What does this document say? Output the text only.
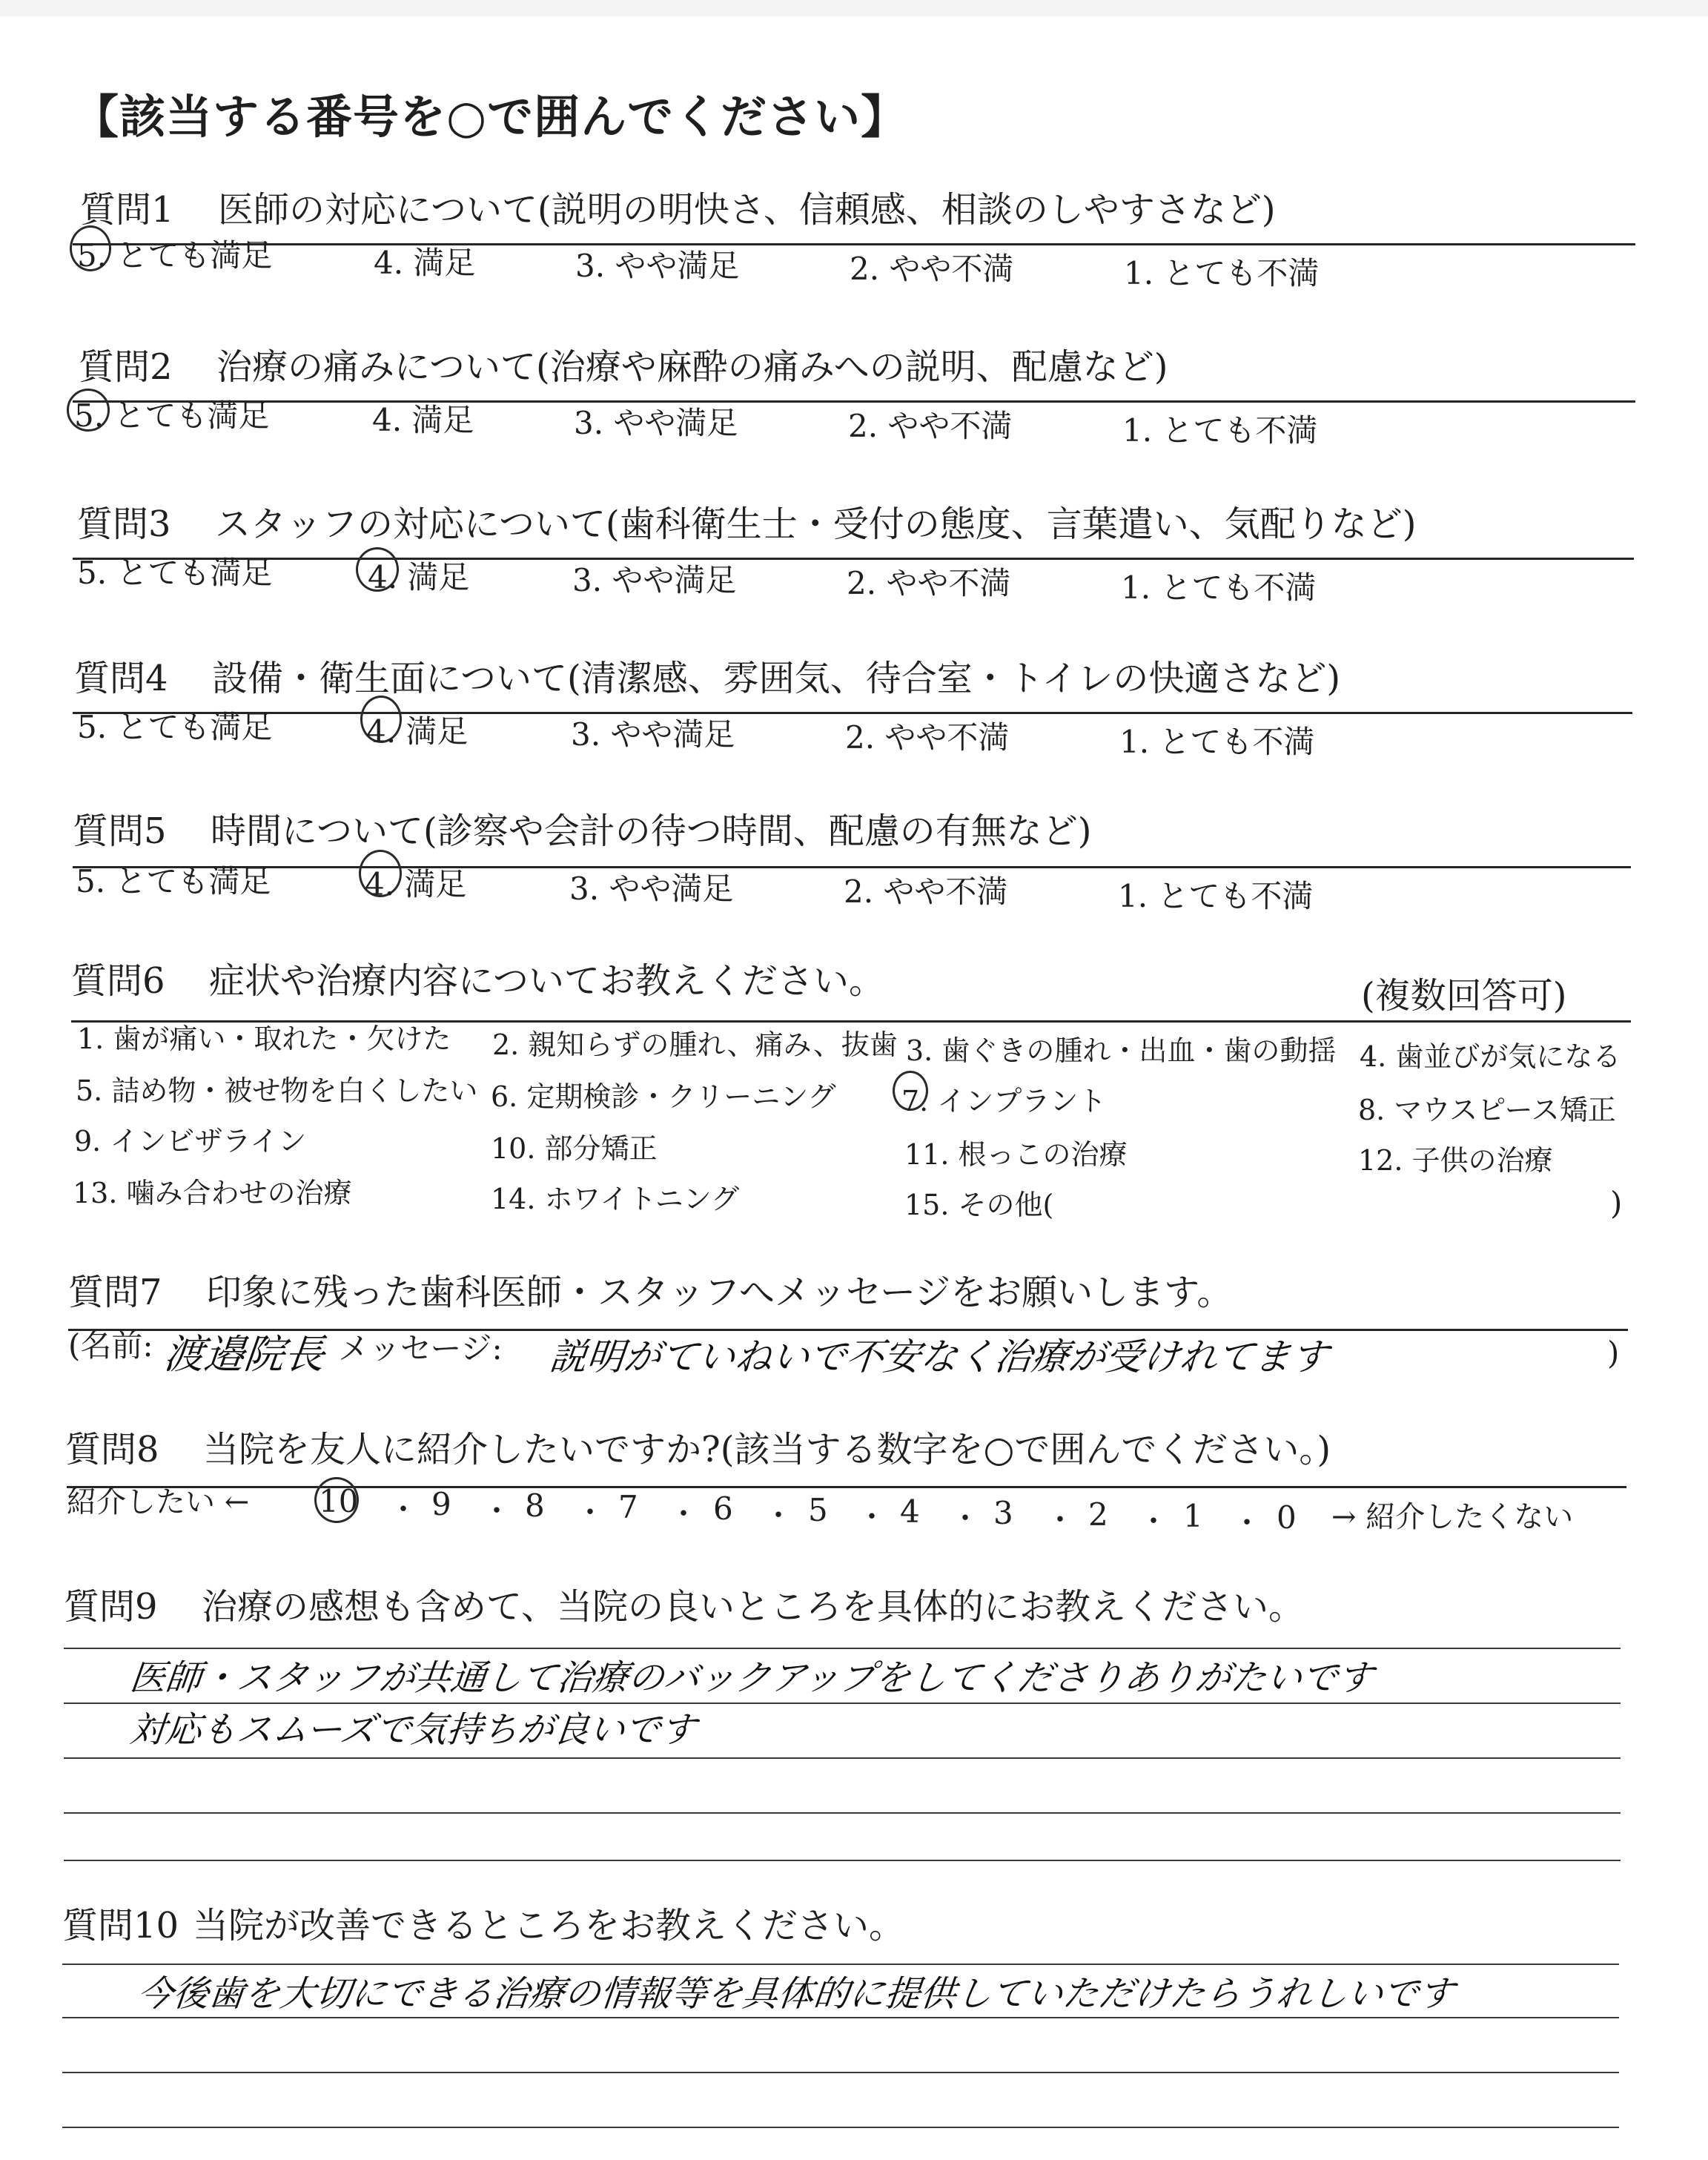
【該当する番号を○で囲んでください】
質問1 医師の対応について(説明の明快さ、信頼感、相談のしやすさなど)
5. とても満足	4. 満足	3. やや満足	2. やや不満	1. とても不満
質問2 治療の痛みについて(治療や麻酔の痛みへの説明、配慮など)
5. とても満足	4. 満足	3. やや満足	2. やや不満	1. とても不満
質問3 スタッフの対応について(歯科衛生士・受付の態度、言葉遣い、気配りなど)
5. とても満足	4. 満足	3. やや満足	2. やや不満	1. とても不満
質問4 設備・衛生面について(清潔感、雰囲気、待合室・トイレの快適さなど)
5. とても満足	4. 満足	3. やや満足	2. やや不満	1. とても不満
質問5 時間について(診察や会計の待つ時間、配慮の有無など)
5. とても満足	4. 満足	3. やや満足	2. やや不満	1. とても不満
質問6 症状や治療内容についてお教えください。	(複数回答可)
1. 歯が痛い・取れた・欠けた 2. 親知らずの腫れ、痛み、抜歯 3. 歯ぐきの腫れ・出血・歯の動揺 4. 歯並びが気になる
5. 詰め物・被せ物を白くしたい 6. 定期検診・クリーニング 7. インプラント	8. マウスピース矯正
9. インビザライン	10. 部分矯正	11. 根っこの治療	12. 子供の治療
13. 噛み合わせの治療	14. ホワイトニング	15. その他(	)
質問7 印象に残った歯科医師・スタッフへメッセージをお願いします。
(名前: 渡邉院長 メッセージ: 説明がていねいで不安なく治療が受けれてます	)
質問8 当院を友人に紹介したいですか?(該当する数字を○で囲んでください。)
紹介したい ← 10 ・ 9 ・ 8 ・ 7 ・ 6 ・ 5 ・ 4 ・ 3 ・ 2 ・ 1 ・ 0 → 紹介したくない
質問9 治療の感想も含めて、当院の良いところを具体的にお教えください。
医師・スタッフが共通して治療のバックアップをしてくださりありがたいです
対応もスムーズで気持ちが良いです
質問10 当院が改善できるところをお教えください。
今後歯を大切にできる治療の情報等を具体的に提供していただけたらうれしいです
